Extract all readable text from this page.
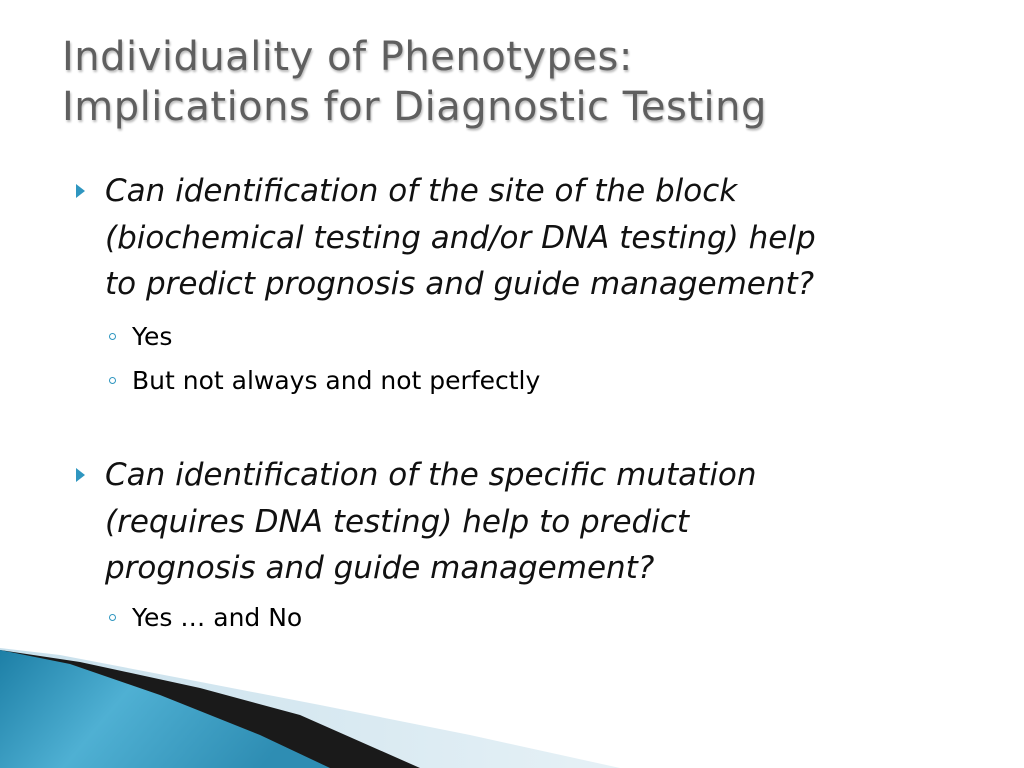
Individuality of Phenotypes:
Implications for Diagnostic Testing

Can identification of the site of the block
(biochemical testing and/or DNA testing) help
to predict prognosis and guide management?

Yes
But not always and not perfectly

Can identification of the specific mutation
(requires DNA testing) help to predict
prognosis and guide management?

Yes … and No
